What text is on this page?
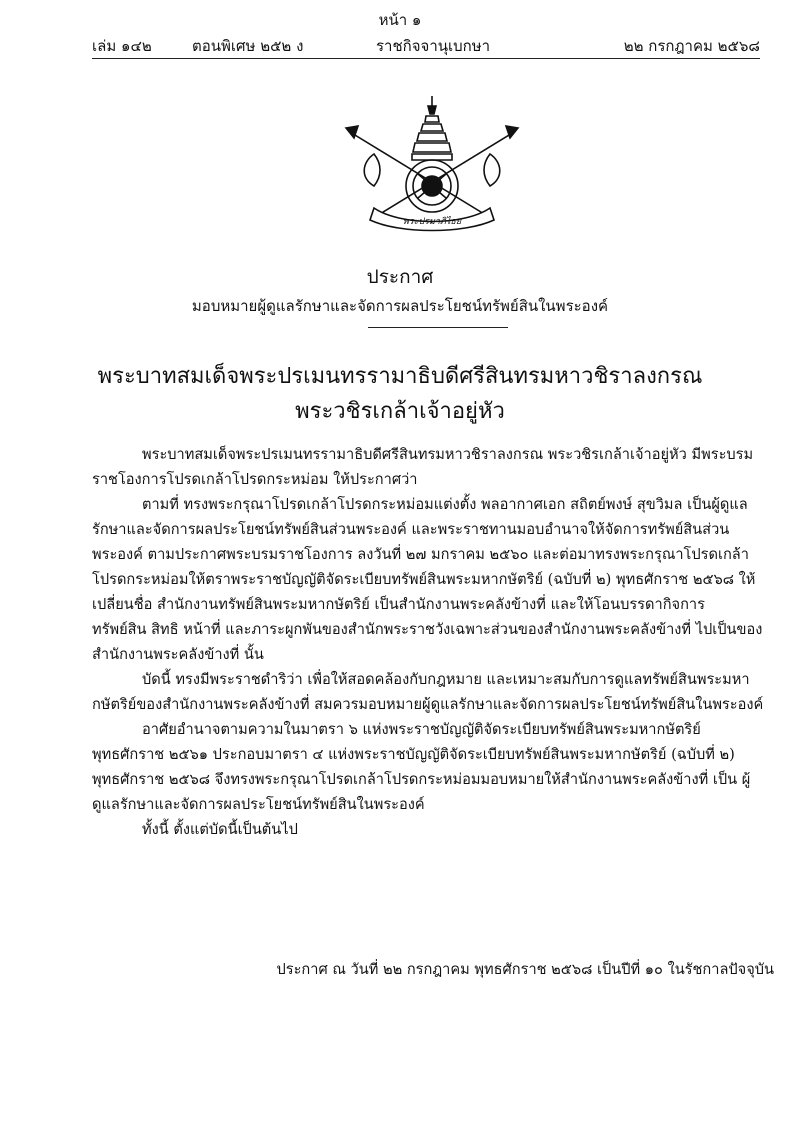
หน้า ๑
เล่ม ๑๔๒	ตอนพิเศษ ๒๕๒ ง	ราชกิจจานุเบกษา	๒๒ กรกฎาคม ๒๕๖๘
พระปรมาภิไธย
ประกาศ
มอบหมายผู้ดูแลรักษาและจัดการผลประโยชน์ทรัพย์สินในพระองค์
พระบาทสมเด็จพระปรเมนทรรามาธิบดีศรีสินทรมหาวชิราลงกรณ
พระวชิรเกล้าเจ้าอยู่หัว

พระบาทสมเด็จพระปรเมนทรรามาธิบดีศรีสินทรมหาวชิราลงกรณ พระวชิรเกล้าเจ้าอยู่หัว มีพระบรมราชโองการโปรดเกล้าโปรดกระหม่อม ให้ประกาศว่า

ตามที่ ทรงพระกรุณาโปรดเกล้าโปรดกระหม่อมแต่งตั้ง พลอากาศเอก สถิตย์พงษ์ สุขวิมล เป็นผู้ดูแลรักษาและจัดการผลประโยชน์ทรัพย์สินส่วนพระองค์ และพระราชทานมอบอำนาจให้จัดการทรัพย์สินส่วนพระองค์ ตามประกาศพระบรมราชโองการ ลงวันที่ ๒๗ มกราคม ๒๕๖๐ และต่อมาทรงพระกรุณาโปรดเกล้าโปรดกระหม่อมให้ตราพระราชบัญญัติจัดระเบียบทรัพย์สินพระมหากษัตริย์ (ฉบับที่ ๒) พุทธศักราช ๒๕๖๘ ให้เปลี่ยนชื่อ สำนักงานทรัพย์สินพระมหากษัตริย์ เป็นสำนักงานพระคลังข้างที่ และให้โอนบรรดากิจการ ทรัพย์สิน สิทธิ หน้าที่ และภาระผูกพันของสำนักพระราชวังเฉพาะส่วนของสำนักงานพระคลังข้างที่ ไปเป็นของสำนักงานพระคลังข้างที่ นั้น

บัดนี้ ทรงมีพระราชดำริว่า เพื่อให้สอดคล้องกับกฎหมาย และเหมาะสมกับการดูแลทรัพย์สินพระมหากษัตริย์ของสำนักงานพระคลังข้างที่ สมควรมอบหมายผู้ดูแลรักษาและจัดการผลประโยชน์ทรัพย์สินในพระองค์

อาศัยอำนาจตามความในมาตรา ๖ แห่งพระราชบัญญัติจัดระเบียบทรัพย์สินพระมหากษัตริย์ พุทธศักราช ๒๕๖๑ ประกอบมาตรา ๔ แห่งพระราชบัญญัติจัดระเบียบทรัพย์สินพระมหากษัตริย์ (ฉบับที่ ๒) พุทธศักราช ๒๕๖๘ จึงทรงพระกรุณาโปรดเกล้าโปรดกระหม่อมมอบหมายให้สำนักงานพระคลังข้างที่ เป็น ผู้ดูแลรักษาและจัดการผลประโยชน์ทรัพย์สินในพระองค์

ทั้งนี้ ตั้งแต่บัดนี้เป็นต้นไป

ประกาศ ณ วันที่ ๒๒ กรกฎาคม พุทธศักราช ๒๕๖๘ เป็นปีที่ ๑๐ ในรัชกาลปัจจุบัน
